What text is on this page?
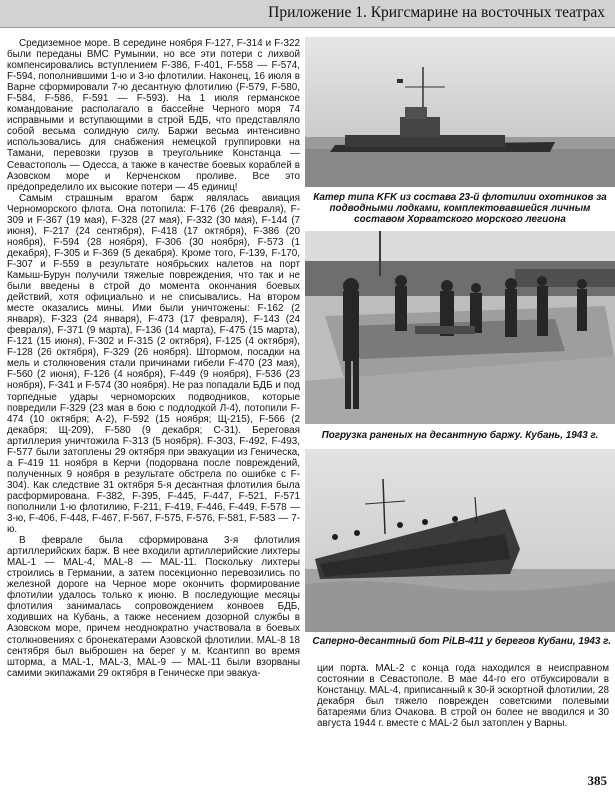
Приложение 1. Кригсмарине на восточных театрах

Средиземное море. В середине ноября F-127, F-314 и F-322 были переданы ВМС Румынии, но все эти потери с лихвой компенсировались вступлением F-386, F-401, F-558 — F-574, F-594, пополнившими 1-ю и 3-ю флотилии. Наконец, 16 июля в Варне сформировали 7-ю десантную флотилию (F-579, F-580, F-584, F-586, F-591 — F-593). На 1 июля германское командование располагало в бассейне Черного моря 74 исправными и вступающими в строй БДБ, что представляло собой весьма солидную силу. Баржи весьма интенсивно использовались для снабжения немецкой группировки на Тамани, перевозки грузов в треугольнике Констанца — Севастополь — Одесса, а также в качестве боевых кораблей в Азовском море и Керченском проливе. Все это предопределило их высокие потери — 45 единиц!

Самым страшным врагом барж являлась авиация Черноморского флота. Она потопила: F-176 (26 февраля), F-309 и F-367 (19 мая), F-328 (27 мая), F-332 (30 мая), F-144 (7 июня), F-217 (24 сентября), F-418 (17 октября), F-386 (20 ноября), F-594 (28 ноября), F-306 (30 ноября), F-573 (1 декабря), F-305 и F-369 (5 декабря). Кроме того, F-139, F-170, F-307 и F-559 в результате ноябрьских налетов на порт Камыш-Бурун получили тяжелые повреждения, что так и не были введены в строй до момента окончания боевых действий, хотя официально и не списывались. На втором месте оказались мины. Ими были уничтожены: F-162 (2 января), F-323 (24 января), F-473 (17 февраля), F-143 (24 февраля), F-371 (9 марта), F-136 (14 марта), F-475 (15 марта), F-121 (15 июня), F-302 и F-315 (2 октября), F-125 (4 октября), F-128 (26 октября), F-329 (26 ноября). Штормом, посадки на мель и столкновения стали причинами гибели F-470 (23 мая), F-560 (2 июня), F-126 (4 ноября), F-449 (9 ноября), F-536 (23 ноября), F-341 и F-574 (30 ноября). Не раз попадали БДБ и под торпедные удары черноморских подводников, которые повредили F-329 (23 мая в бою с подлодкой Л-4), потопили F-474 (10 октября; А-2), F-592 (15 ноября; Щ-215), F-566 (2 декабря; Щ-209), F-580 (9 декабря; С-31). Береговая артиллерия уничтожила F-313 (5 ноября). F-303, F-492, F-493, F-577 были затоплены 29 октября при эвакуации из Геническа, а F-419 11 ноября в Керчи (подорвана после повреждений, полученных 9 ноября в результате обстрела по ошибке с F-304). Как следствие 31 октября 5-я десантная флотилия была расформирована. F-382, F-395, F-445, F-447, F-521, F-571 пополнили 1-ю флотилию, F-211, F-419, F-446, F-449, F-578 — 3-ю, F-406, F-448, F-467, F-567, F-575, F-576, F-581, F-583 — 7-ю.

В феврале была сформирована 3-я флотилия артиллерийских барж. В нее входили артиллерийские лихтеры MAL-1 — MAL-4, MAL-8 — MAL-11. Поскольку лихтеры строились в Германии, а затем посекционно перевозились по железной дороге на Черное море окончить формирование флотилии удалось только к июню. В последующие месяцы флотилия занималась сопровождением конвоев БДБ, ходивших на Кубань, а также несением дозорной службы в Азовском море, причем неоднократно участвовала в боевых столкновениях с бронекатерами Азовской флотилии. MAL-8 18 сентября был выброшен на берег у м. Ксантипп во время шторма, а MAL-1, MAL-3, MAL-9 — MAL-11 были взорваны самими экипажами 29 октября в Геническе при эвакуа-

Катер типа KFK из состава 23-й флотилии охотников за подводными лодками, комплектовавшейся личным составом Хорватского морского легиона
Погрузка раненых на десантную баржу. Кубань, 1943 г.
Саперно-десантный бот PiLB-411 у берегов Кубани, 1943 г.

ции порта. MAL-2 с конца года находился в неисправном состоянии в Севастополе. В мае 44-го его отбуксировали в Констанцу. MAL-4, приписанный к 30-й эскортной флотилии, 28 декабря был тяжело поврежден советскими полевыми батареями близ Очакова. В строй он более не вводился и 30 августа 1944 г. вместе с MAL-2 был затоплен у Варны.

385
